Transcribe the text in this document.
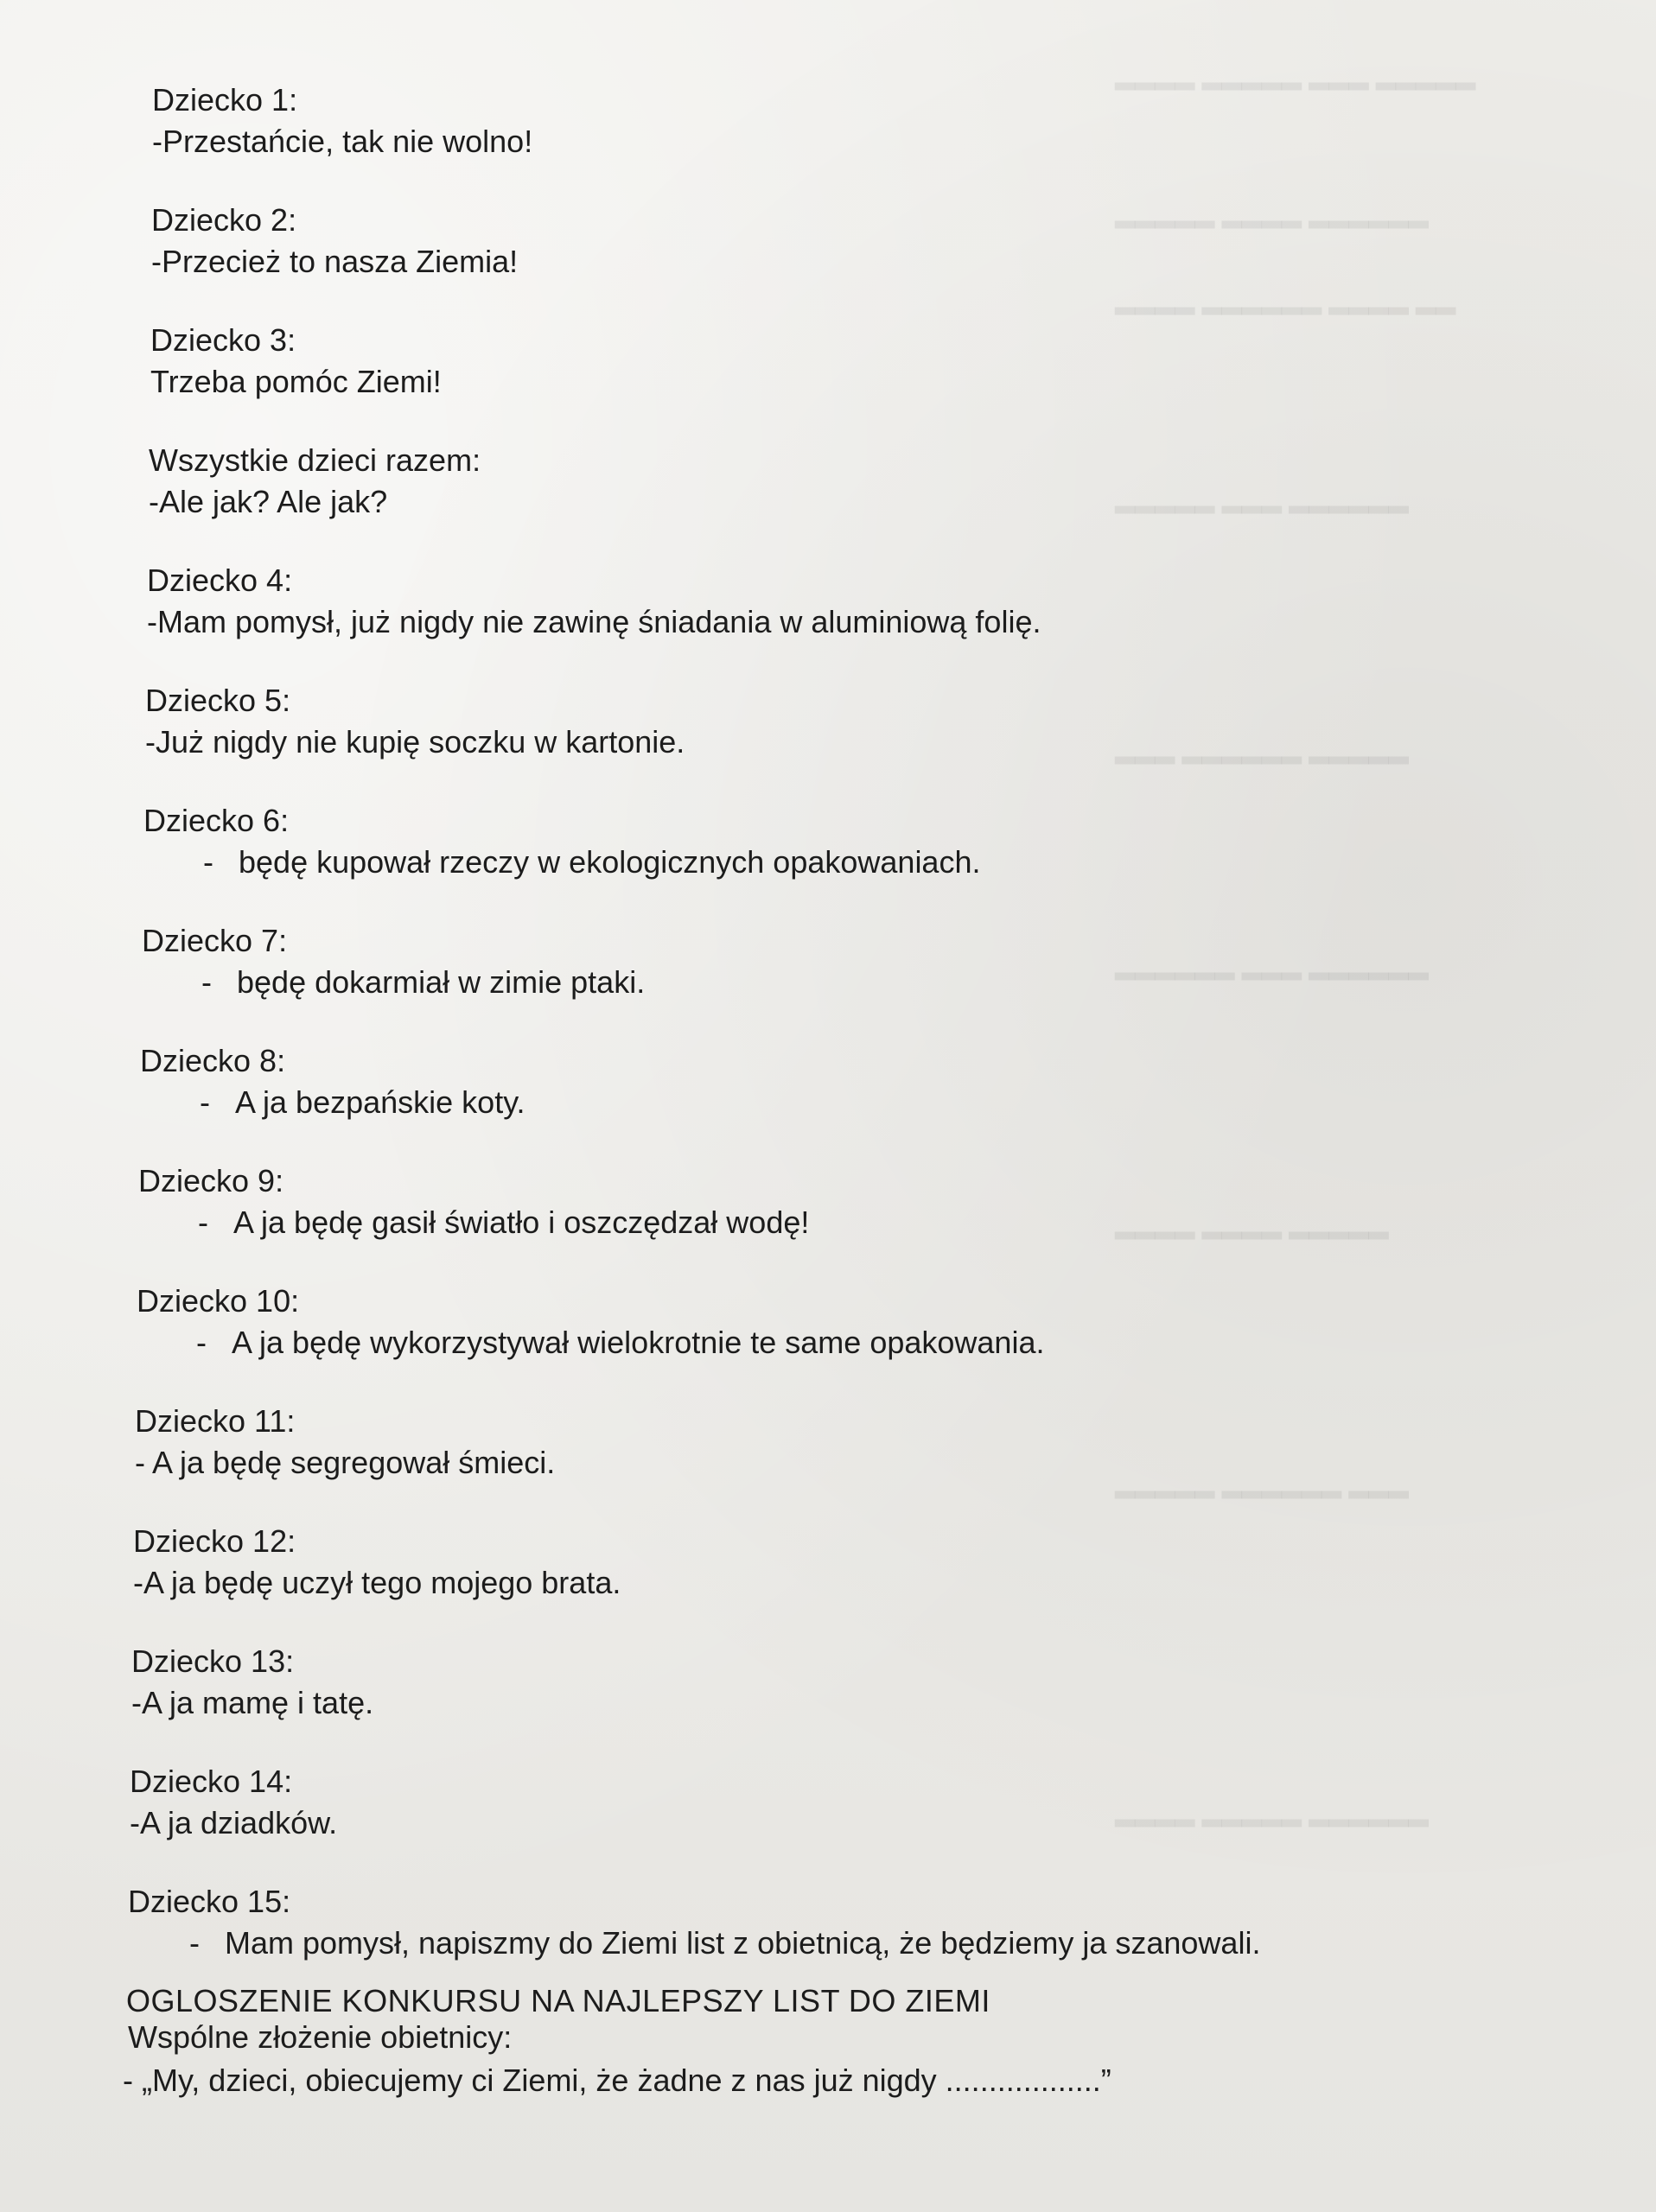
▂▂▂▂ ▂▂▂▂▂ ▂▂▂ ▂▂▂▂▂
▂▂▂▂▂ ▂▂▂▂ ▂▂▂▂▂▂
▂▂▂▂ ▂▂▂▂▂▂ ▂▂▂▂ ▂▂
▂▂▂▂▂ ▂▂▂ ▂▂▂▂▂▂
▂▂▂ ▂▂▂▂▂▂ ▂▂▂▂▂
▂▂▂▂▂▂ ▂▂▂ ▂▂▂▂▂▂
▂▂▂▂ ▂▂▂▂ ▂▂▂▂▂
▂▂▂▂▂ ▂▂▂▂▂▂ ▂▂▂
▂▂▂▂ ▂▂▂▂▂ ▂▂▂▂▂▂
Dziecko 1:
-Przestańcie, tak nie wolno!
Dziecko 2:
-Przecież to nasza Ziemia!
Dziecko 3:
Trzeba pomóc Ziemi!
Wszystkie dzieci razem:
-Ale jak? Ale jak?
Dziecko 4:
-Mam pomysł, już nigdy nie zawinę śniadania w aluminiową folię.
Dziecko 5:
-Już nigdy nie kupię soczku w kartonie.
Dziecko 6:
- będę kupował rzeczy w ekologicznych opakowaniach.
Dziecko 7:
- będę dokarmiał w zimie ptaki.
Dziecko 8:
- A ja bezpańskie koty.
Dziecko 9:
- A ja będę gasił światło i oszczędzał wodę!
Dziecko 10:
- A ja będę wykorzystywał wielokrotnie te same opakowania.
Dziecko 11:
- A ja będę segregował śmieci.
Dziecko 12:
-A ja będę uczył tego mojego brata.
Dziecko 13:
-A ja mamę i tatę.
Dziecko 14:
-A ja dziadków.
Dziecko 15:
- Mam pomysł, napiszmy do Ziemi list z obietnicą, że będziemy ja szanowali.
OGLOSZENIE KONKURSU NA NAJLEPSZY LIST DO ZIEMI
Wspólne złożenie obietnicy:
- „My, dzieci, obiecujemy ci Ziemi, że żadne z nas już nigdy ..................”
